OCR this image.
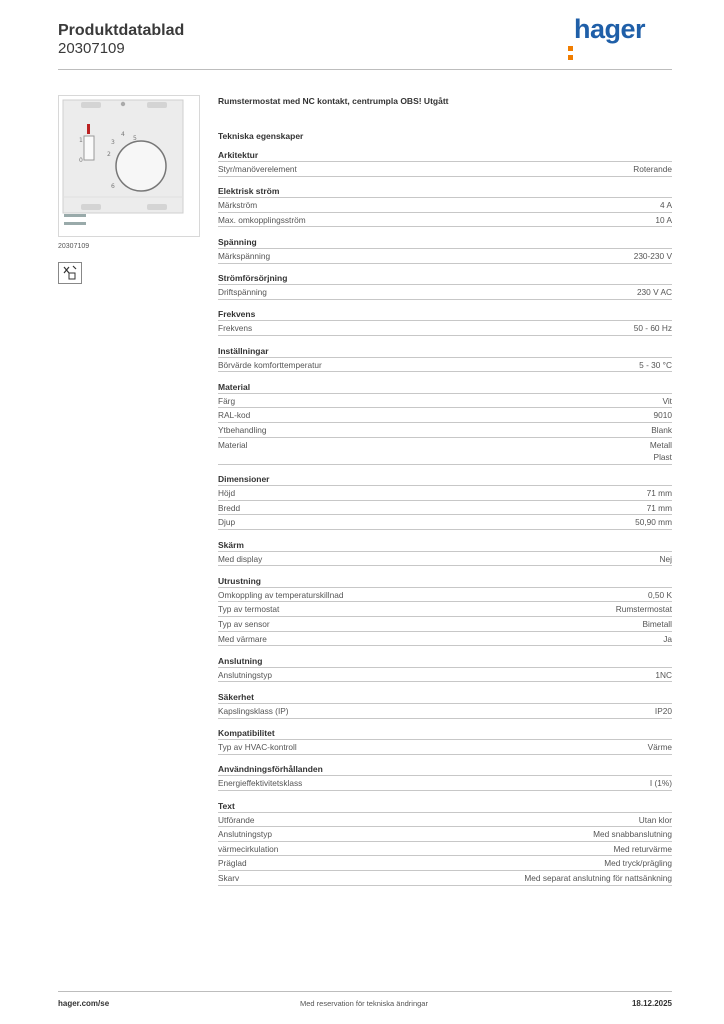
Produktdatablad
20307109
hager
1
0
2
3
4
5
6
20307109
Rumstermostat med NC kontakt, centrumpla OBS! Utgått
Tekniska egenskaper
Arkitektur
Styr/manöverelement	Roterande
Elektrisk ström
Märkström	4 A
Max. omkopplingsström	10 A
Spänning
Märkspänning	230-230 V
Strömförsörjning
Driftspänning	230 V AC
Frekvens
Frekvens	50 - 60 Hz
Inställningar
Börvärde komforttemperatur	5 - 30 °C
Material
Färg	Vit
RAL-kod	9010
Ytbehandling	Blank
Material	Metall
Plast
Dimensioner
Höjd	71 mm
Bredd	71 mm
Djup	50,90 mm
Skärm
Med display	Nej
Utrustning
Omkoppling av temperaturskillnad	0,50 K
Typ av termostat	Rumstermostat
Typ av sensor	Bimetall
Med värmare	Ja
Anslutning
Anslutningstyp	1NC
Säkerhet
Kapslingsklass (IP)	IP20
Kompatibilitet
Typ av HVAC-kontroll	Värme
Användningsförhållanden
Energieffektivitetsklass	I (1%)
Text
Utförande	Utan klor
Anslutningstyp	Med snabbanslutning
värmecirkulation	Med returvärme
Präglad	Med tryck/prägling
Skarv	Med separat anslutning för nattsänkning
hager.com/se	Med reservation för tekniska ändringar	18.12.2025
